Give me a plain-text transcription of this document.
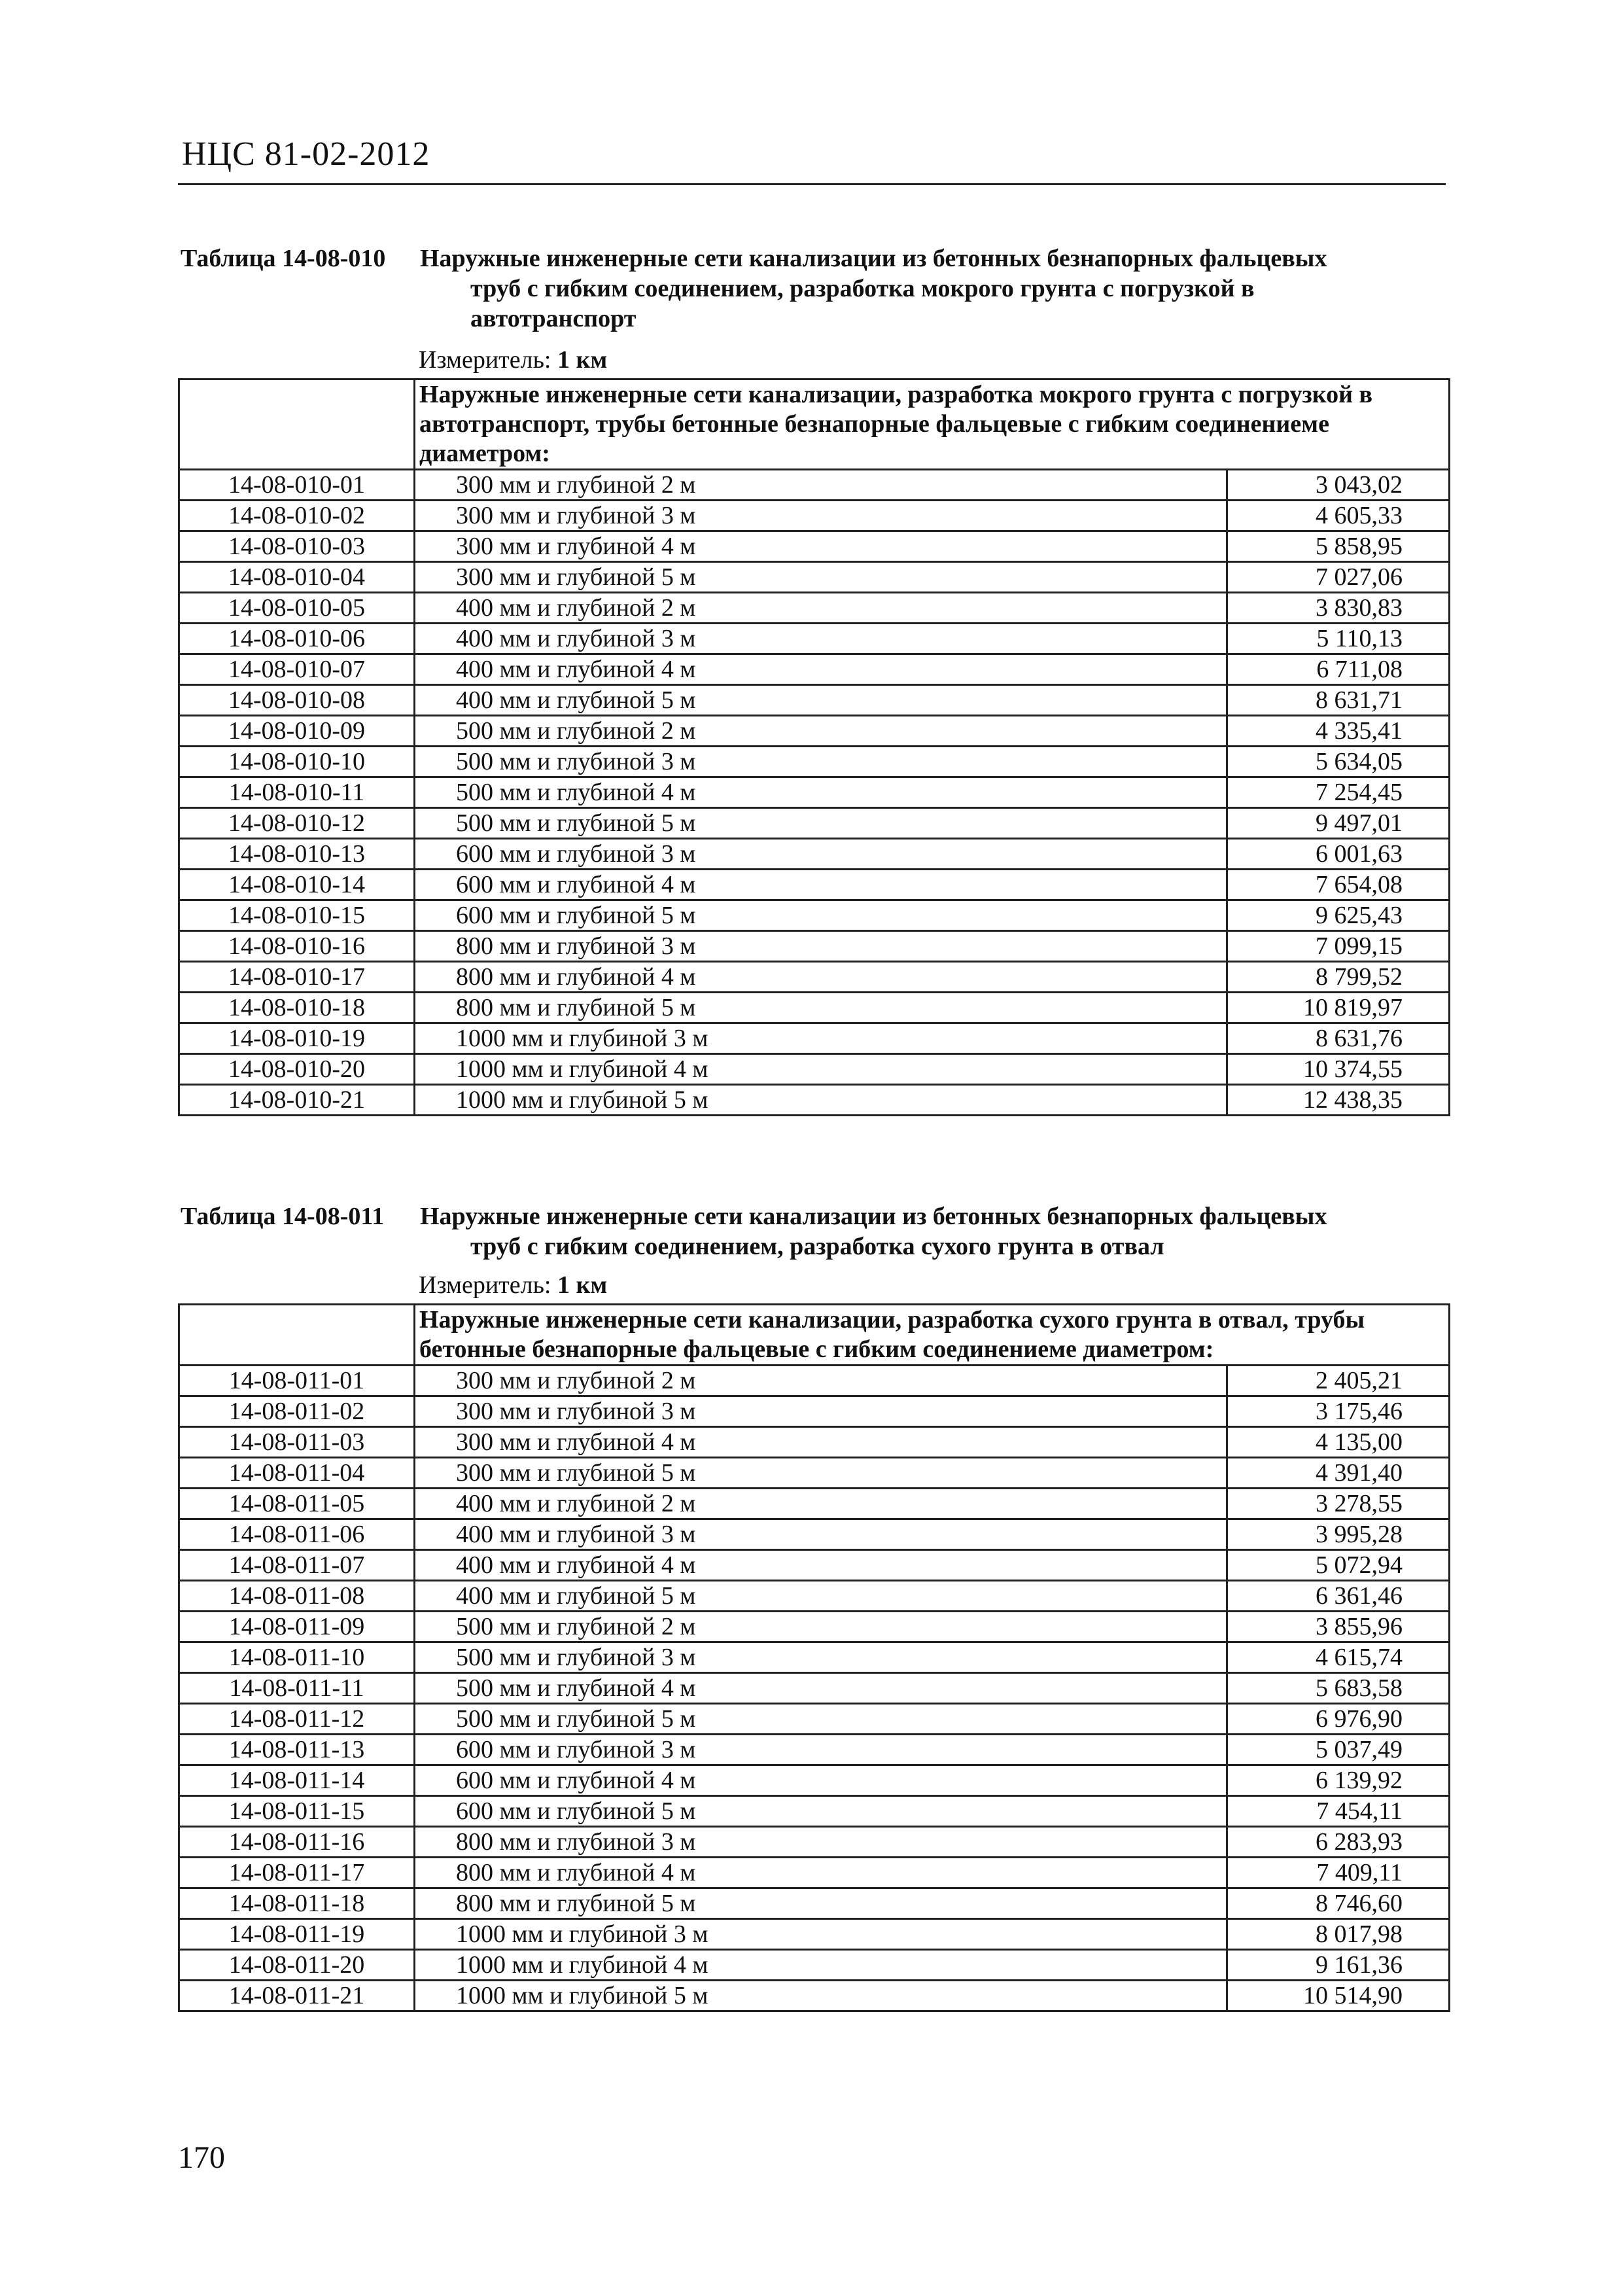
НЦС 81-02-2012
Таблица 14-08-010 Наружные инженерные сети канализации из бетонных безнапорных фальцевых
труб с гибким соединением, разработка мокрого грунта с погрузкой в
автотранспорт
Измеритель: 1 км
	Наружные инженерные сети канализации, разработка мокрого грунта с погрузкой в автотранспорт, трубы бетонные безнапорные фальцевые с гибким соединениеме диаметром:	
14-08-010-01	300 мм и глубиной 2 м	3 043,02
14-08-010-02	300 мм и глубиной 3 м	4 605,33
14-08-010-03	300 мм и глубиной 4 м	5 858,95
14-08-010-04	300 мм и глубиной 5 м	7 027,06
14-08-010-05	400 мм и глубиной 2 м	3 830,83
14-08-010-06	400 мм и глубиной 3 м	5 110,13
14-08-010-07	400 мм и глубиной 4 м	6 711,08
14-08-010-08	400 мм и глубиной 5 м	8 631,71
14-08-010-09	500 мм и глубиной 2 м	4 335,41
14-08-010-10	500 мм и глубиной 3 м	5 634,05
14-08-010-11	500 мм и глубиной 4 м	7 254,45
14-08-010-12	500 мм и глубиной 5 м	9 497,01
14-08-010-13	600 мм и глубиной 3 м	6 001,63
14-08-010-14	600 мм и глубиной 4 м	7 654,08
14-08-010-15	600 мм и глубиной 5 м	9 625,43
14-08-010-16	800 мм и глубиной 3 м	7 099,15
14-08-010-17	800 мм и глубиной 4 м	8 799,52
14-08-010-18	800 мм и глубиной 5 м	10 819,97
14-08-010-19	1000 мм и глубиной 3 м	8 631,76
14-08-010-20	1000 мм и глубиной 4 м	10 374,55
14-08-010-21	1000 мм и глубиной 5 м	12 438,35
Таблица 14-08-011 Наружные инженерные сети канализации из бетонных безнапорных фальцевых
труб с гибким соединением, разработка сухого грунта в отвал
Измеритель: 1 км
	Наружные инженерные сети канализации, разработка сухого грунта в отвал, трубы бетонные безнапорные фальцевые с гибким соединениеме диаметром:	
14-08-011-01	300 мм и глубиной 2 м	2 405,21
14-08-011-02	300 мм и глубиной 3 м	3 175,46
14-08-011-03	300 мм и глубиной 4 м	4 135,00
14-08-011-04	300 мм и глубиной 5 м	4 391,40
14-08-011-05	400 мм и глубиной 2 м	3 278,55
14-08-011-06	400 мм и глубиной 3 м	3 995,28
14-08-011-07	400 мм и глубиной 4 м	5 072,94
14-08-011-08	400 мм и глубиной 5 м	6 361,46
14-08-011-09	500 мм и глубиной 2 м	3 855,96
14-08-011-10	500 мм и глубиной 3 м	4 615,74
14-08-011-11	500 мм и глубиной 4 м	5 683,58
14-08-011-12	500 мм и глубиной 5 м	6 976,90
14-08-011-13	600 мм и глубиной 3 м	5 037,49
14-08-011-14	600 мм и глубиной 4 м	6 139,92
14-08-011-15	600 мм и глубиной 5 м	7 454,11
14-08-011-16	800 мм и глубиной 3 м	6 283,93
14-08-011-17	800 мм и глубиной 4 м	7 409,11
14-08-011-18	800 мм и глубиной 5 м	8 746,60
14-08-011-19	1000 мм и глубиной 3 м	8 017,98
14-08-011-20	1000 мм и глубиной 4 м	9 161,36
14-08-011-21	1000 мм и глубиной 5 м	10 514,90
170
